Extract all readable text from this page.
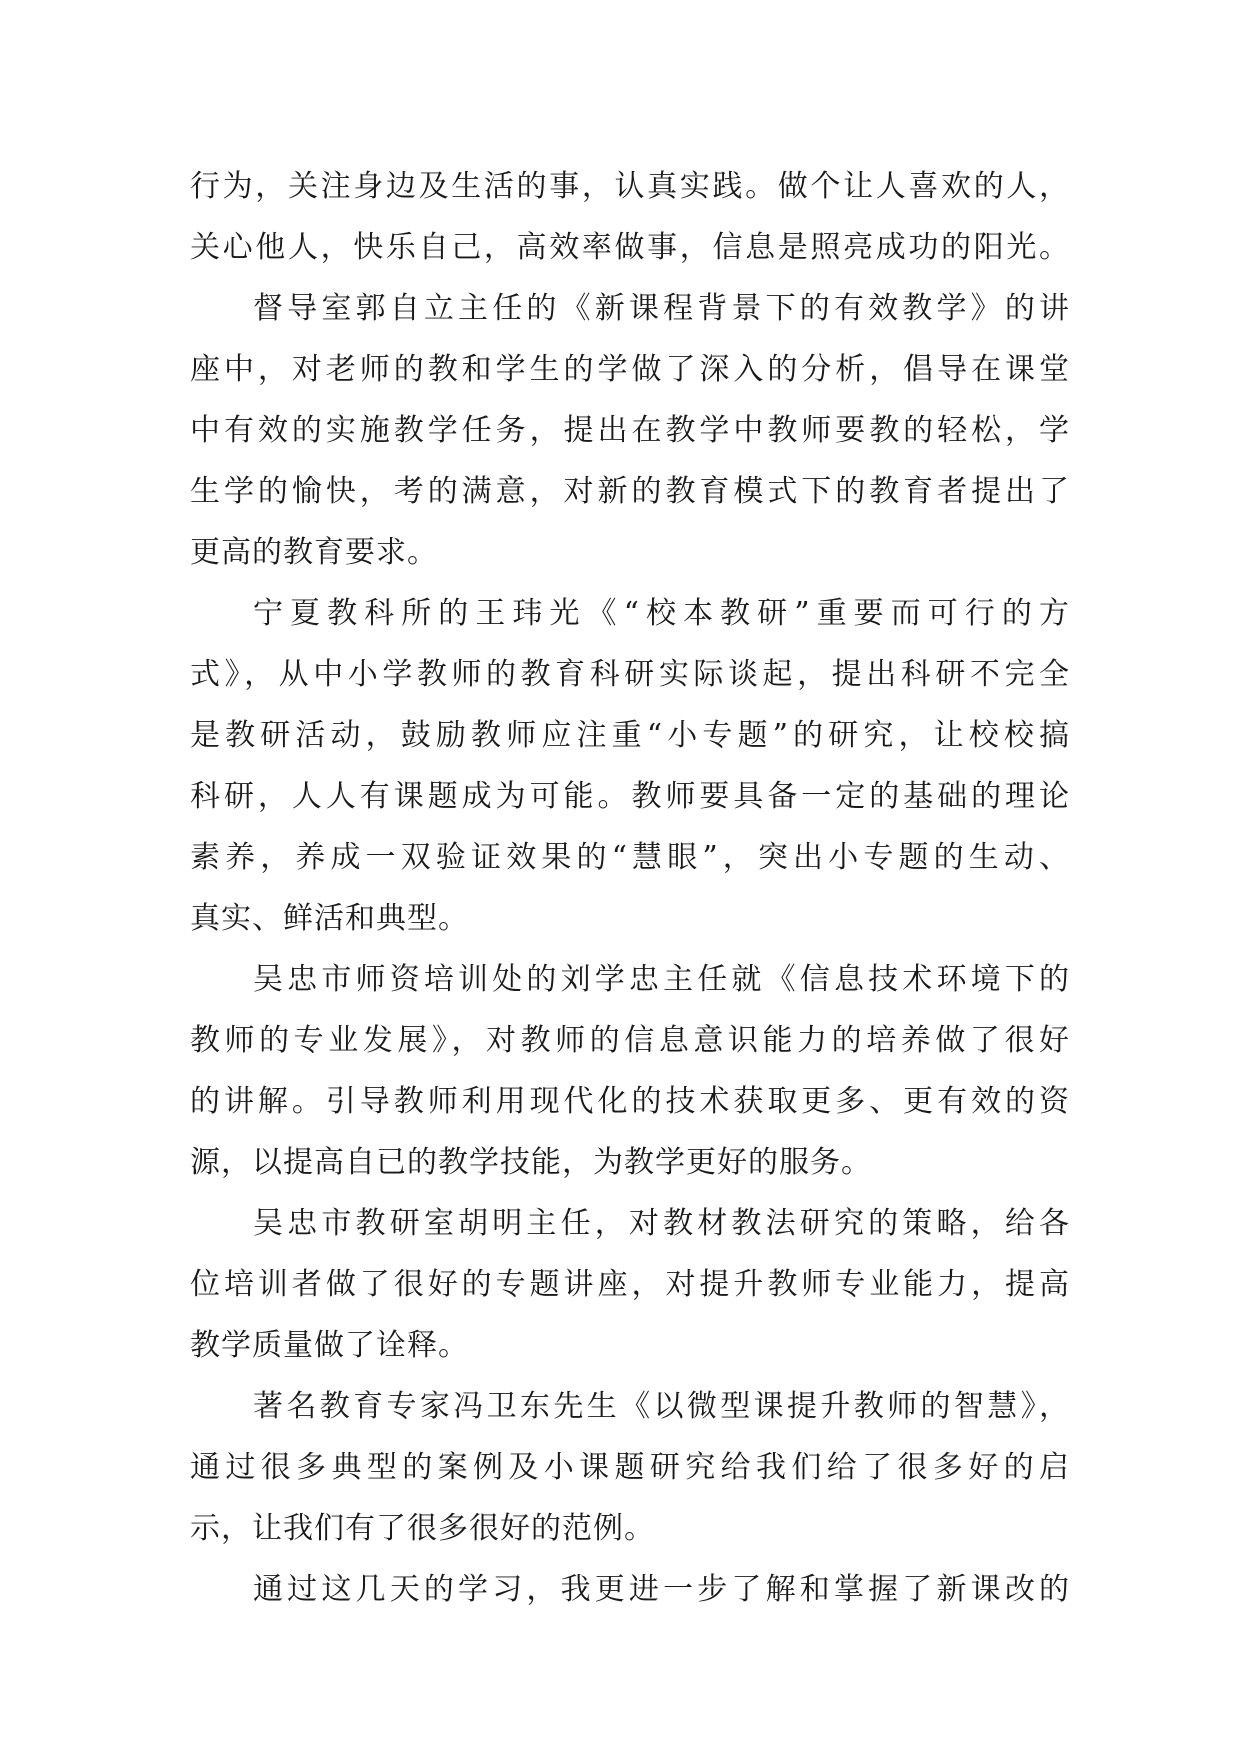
行为，关注身边及生活的事，认真实践。做个让人喜欢的人，
关心他人，快乐自己，高效率做事，信息是照亮成功的阳光。
督导室郭自立主任的《新课程背景下的有效教学》的讲
座中，对老师的教和学生的学做了深入的分析，倡导在课堂
中有效的实施教学任务，提出在教学中教师要教的轻松，学
生学的愉快，考的满意，对新的教育模式下的教育者提出了
更高的教育要求。
宁夏教科所的王玮光《“校本教研”重要而可行的方
式》，从中小学教师的教育科研实际谈起，提出科研不完全
是教研活动，鼓励教师应注重“小专题”的研究，让校校搞
科研，人人有课题成为可能。教师要具备一定的基础的理论
素养，养成一双验证效果的“慧眼”，突出小专题的生动、
真实、鲜活和典型。
吴忠市师资培训处的刘学忠主任就《信息技术环境下的
教师的专业发展》，对教师的信息意识能力的培养做了很好
的讲解。引导教师利用现代化的技术获取更多、更有效的资
源，以提高自已的教学技能，为教学更好的服务。
吴忠市教研室胡明主任，对教材教法研究的策略，给各
位培训者做了很好的专题讲座，对提升教师专业能力，提高
教学质量做了诠释。
著名教育专家冯卫东先生《以微型课提升教师的智慧》，
通过很多典型的案例及小课题研究给我们给了很多好的启
示，让我们有了很多很好的范例。
通过这几天的学习，我更进一步了解和掌握了新课改的
